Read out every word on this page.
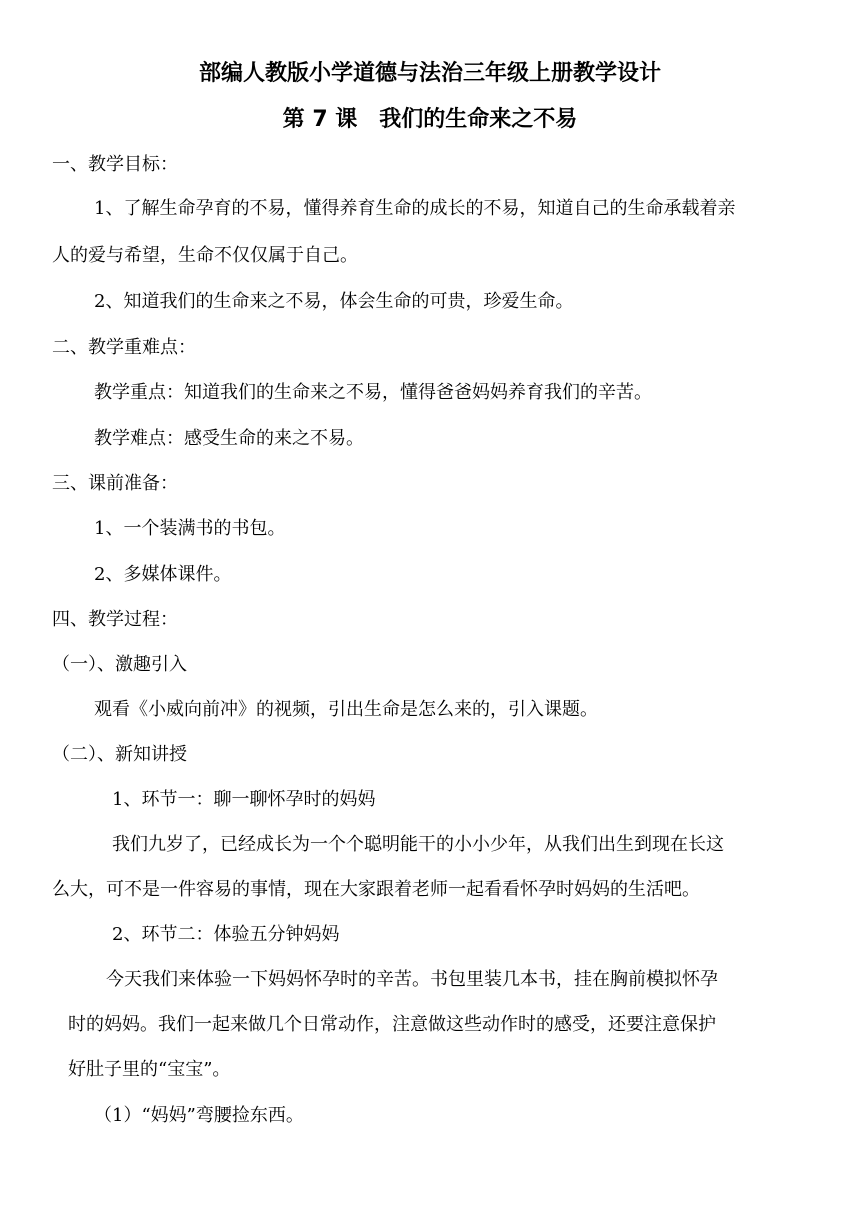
部编人教版小学道德与法治三年级上册教学设计
第 7 课　我们的生命来之不易
一、教学目标：
1、了解生命孕育的不易，懂得养育生命的成长的不易，知道自己的生命承载着亲
人的爱与希望，生命不仅仅属于自己。
2、知道我们的生命来之不易，体会生命的可贵，珍爱生命。
二、教学重难点：
教学重点：知道我们的生命来之不易，懂得爸爸妈妈养育我们的辛苦。
教学难点：感受生命的来之不易。
三、课前准备：
1、一个装满书的书包。
2、多媒体课件。
四、教学过程：
（一）、激趣引入
观看《小威向前冲》的视频，引出生命是怎么来的，引入课题。
（二）、新知讲授
1、环节一：聊一聊怀孕时的妈妈
我们九岁了，已经成长为一个个聪明能干的小小少年，从我们出生到现在长这
么大，可不是一件容易的事情，现在大家跟着老师一起看看怀孕时妈妈的生活吧。
2、环节二：体验五分钟妈妈
今天我们来体验一下妈妈怀孕时的辛苦。书包里装几本书，挂在胸前模拟怀孕
时的妈妈。我们一起来做几个日常动作，注意做这些动作时的感受，还要注意保护
好肚子里的“宝宝”。
（1）“妈妈”弯腰捡东西。
